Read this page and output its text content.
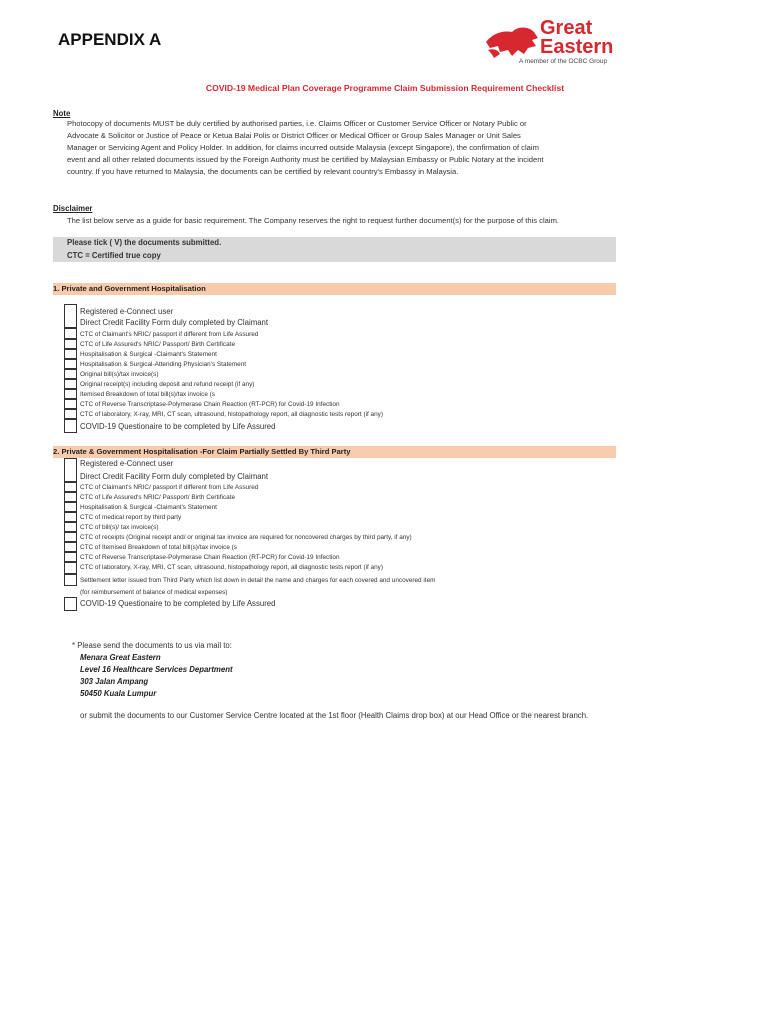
APPENDIX A
Great
Eastern
A member of the OCBC Group
COVID-19 Medical Plan Coverage Programme Claim Submission Requirement Checklist
Note
Photocopy of documents MUST be duly certified by authorised parties, i.e. Claims Officer or Customer Service Officer or Notary Public or
Advocate & Solicitor or Justice of Peace or Ketua Balai Polis or District Officer or Medical Officer or Group Sales Manager or Unit Sales
Manager or Servicing Agent and Policy Holder. In addition, for claims incurred outside Malaysia (except Singapore), the confirmation of claim
event and all other related documents issued by the Foreign Authority must be certified by Malaysian Embassy or Public Notary at the incident
country. If you have returned to Malaysia, the documents can be certified by relevant country's Embassy in Malaysia.
Disclaimer
The list below serve as a guide for basic requirement. The Company reserves the right to request further document(s) for the purpose of this claim.
Please tick ( V) the documents submitted.
CTC = Certified true copy
1. Private and Government Hospitalisation
Registered e-Connect user
Direct Credit Facility Form duly completed by Claimant
CTC of Claimant's NRIC/ passport if different from Life Assured
CTC of Life Assured's NRIC/ Passport/ Birth Certificate
Hospitalisation & Surgical -Claimant's Statement
Hospitalisation & Surgical-Attending Physician's Statement
Original bill(s)/tax invoice(s)
Original receipt(s) including deposit and refund receipt (if any)
Itemised Breakdown of total bill(s)/tax invoice (s
CTC of Reverse Transcriptase-Polymerase Chain Reaction (RT-PCR) for Covid-19 Infection
CTC of laboratory, X-ray, MRI, CT scan, ultrasound, histopathology report, all diagnostic tests report (if any)
COVID-19 Questionaire to be completed by Life Assured
2. Private & Government Hospitalisation -For Claim Partially Settled By Third Party
Registered e-Connect user
Direct Credit Facility Form duly completed by Claimant
CTC of Claimant's NRIC/ passport if different from Life Assured
CTC of Life Assured's NRIC/ Passport/ Birth Certificate
Hospitalisation & Surgical -Claimant's Statement
CTC of medical report by third party
CTC of bill(s)/ tax invoice(s)
CTC of receipts (Original receipt and/ or original tax invoice are required for noncovered charges by third party, if any)
CTC of Itemised Breakdown of total bill(s)/tax invoice (s
CTC of Reverse Transcriptase-Polymerase Chain Reaction (RT-PCR) for Covid-19 Infection
CTC of laboratory, X-ray, MRI, CT scan, ultrasound, histopathology report, all diagnostic tests report (if any)
Settlement letter issued from Third Party which list down in detail the name and charges for each covered and uncovered item
(for reimbursement of balance of medical expenses)
COVID-19 Questionaire to be completed by Life Assured
* Please send the documents to us via mail to:
Menara Great Eastern
Level 16 Healthcare Services Department
303 Jalan Ampang
50450 Kuala Lumpur
or submit the documents to our Customer Service Centre located at the 1st floor (Health Claims drop box) at our Head Office or the nearest branch.
